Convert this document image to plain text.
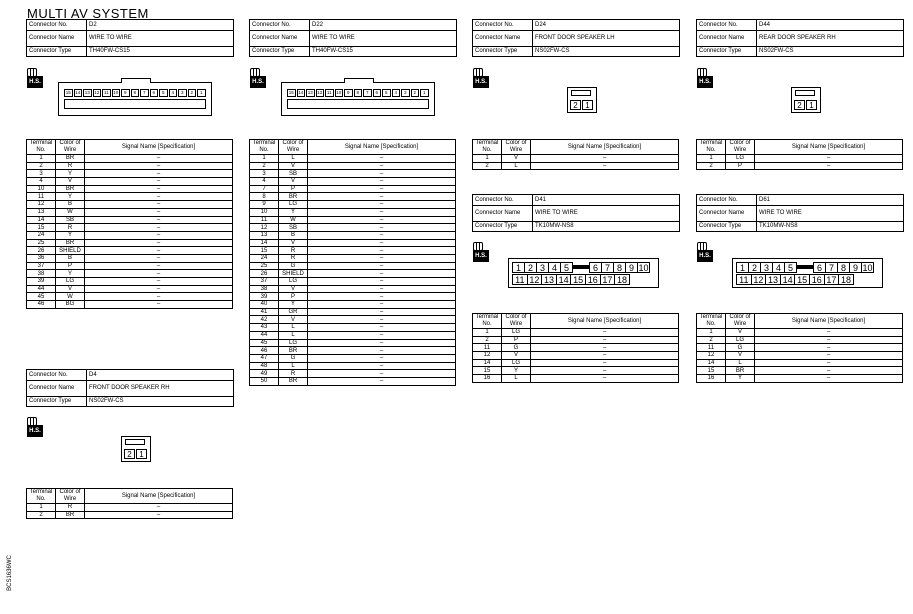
MULTI AV SYSTEM
Connector No.	D2
Connector Name	WIRE TO WIRE
Connector Type	TH40FW-CS15
Connector No.	D22
Connector Name	WIRE TO WIRE
Connector Type	TH40FW-CS15
Connector No.	D24
Connector Name	FRONT DOOR SPEAKER LH
Connector Type	NS02FW-CS
Connector No.	D44
Connector Name	REAR DOOR SPEAKER RH
Connector Type	NS02FW-CS
Connector No.	D41
Connector Name	WIRE TO WIRE
Connector Type	TK10MW-NS8
Connector No.	D61
Connector Name	WIRE TO WIRE
Connector Type	TK10MW-NS8
Connector No.	D4
Connector Name	FRONT DOOR SPEAKER RH
Connector Type	NS02FW-CS
H.S.	H.S.	H.S.	H.S.
H.S.	H.S.
H.S.
15 14 13 12	11	10	9	8	7	6	5	4	3	2	1	15 14 13 12	11	10	9	8	7	6	5	4	3	2	1
2 1	2 1
2 1
1 2 3 4 5	6 7 8 9 10
11 12 13 14 15 16 17 18
1 2 3 4 5	6 7 8 9 10
11 12 13 14 15 16 17 18
Terminal No.	Color of Wire	Signal Name [Specification]
1	BR	–
2	R	–
3	Y	–
4	V	–
10	BR	–
11	Y	–
12	B	–
13	W	–
14	SB	–
15	R	–
24	Y	–
25	BR	–
26	SHIELD	–
36	B	–
37	P	–
38	Y	–
39	LG	–
44	V	–
45	W	–
46	BG	–
Terminal No.	Color of Wire	Signal Name [Specification]
1	L	–
2	V	–
3	SB	–
4	V	–
7	P	–
8	BR	–
9	LG	–
10	Y	–
11	W	–
12	SB	–
13	B	–
14	V	–
15	R	–
24	R	–
25	G	–
26	SHIELD	–
37	LG	–
38	V	–
39	P	–
40	Y	–
41	GR	–
42	V	–
43	L	–
44	L	–
45	LG	–
46	BR	–
47	G	–
48	L	–
49	R	–
50	BR	–
Terminal No.	Color of Wire	Signal Name [Specification]
1	V	–
2	L	–
Terminal No.	Color of Wire	Signal Name [Specification]
1	LG	–
2	P	–
Terminal No.	Color of Wire	Signal Name [Specification]
1	LG	–
2	P	–
11	G	–
12	V	–
14	LG	–
15	Y	–
16	L	–
Terminal No.	Color of Wire	Signal Name [Specification]
1	V	–
2	LG	–
11	G	–
12	V	–
14	L	–
15	BR	–
16	Y	–
Terminal No.	Color of Wire	Signal Name [Specification]
1	R	–
2	BR	–
BCS1636WC
